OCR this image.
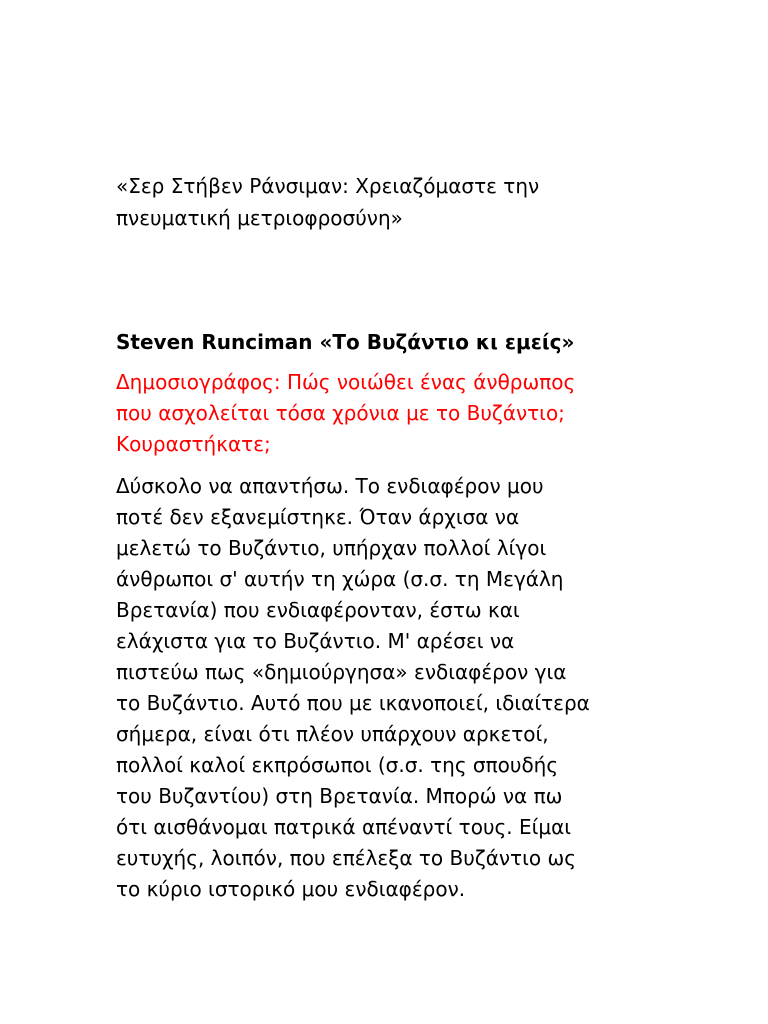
«Σερ Στήβεν Ράνσιμαν: Χρειαζόμαστε την
πνευματική μετριοφροσύνη»
Steven Runciman «Το Βυζάντιο κι εμείς»
Δημοσιογράφος: Πώς νοιώθει ένας άνθρωπος
που ασχολείται τόσα χρόνια με το Βυζάντιο;
Κουραστήκατε;
Δύσκολο να απαντήσω. Το ενδιαφέρον μου
ποτέ δεν εξανεμίστηκε. Όταν άρχισα να
μελετώ το Βυζάντιο, υπήρχαν πολλοί λίγοι
άνθρωποι σ' αυτήν τη χώρα (σ.σ. τη Μεγάλη
Βρετανία) που ενδιαφέρονταν, έστω και
ελάχιστα για το Βυζάντιο. Μ' αρέσει να
πιστεύω πως «δημιούργησα» ενδιαφέρον για
το Βυζάντιο. Αυτό που με ικανοποιεί, ιδιαίτερα
σήμερα, είναι ότι πλέον υπάρχουν αρκετοί,
πολλοί καλοί εκπρόσωποι (σ.σ. της σπουδής
του Βυζαντίου) στη Βρετανία. Μπορώ να πω
ότι αισθάνομαι πατρικά απέναντί τους. Είμαι
ευτυχής, λοιπόν, που επέλεξα το Βυζάντιο ως
το κύριο ιστορικό μου ενδιαφέρον.
